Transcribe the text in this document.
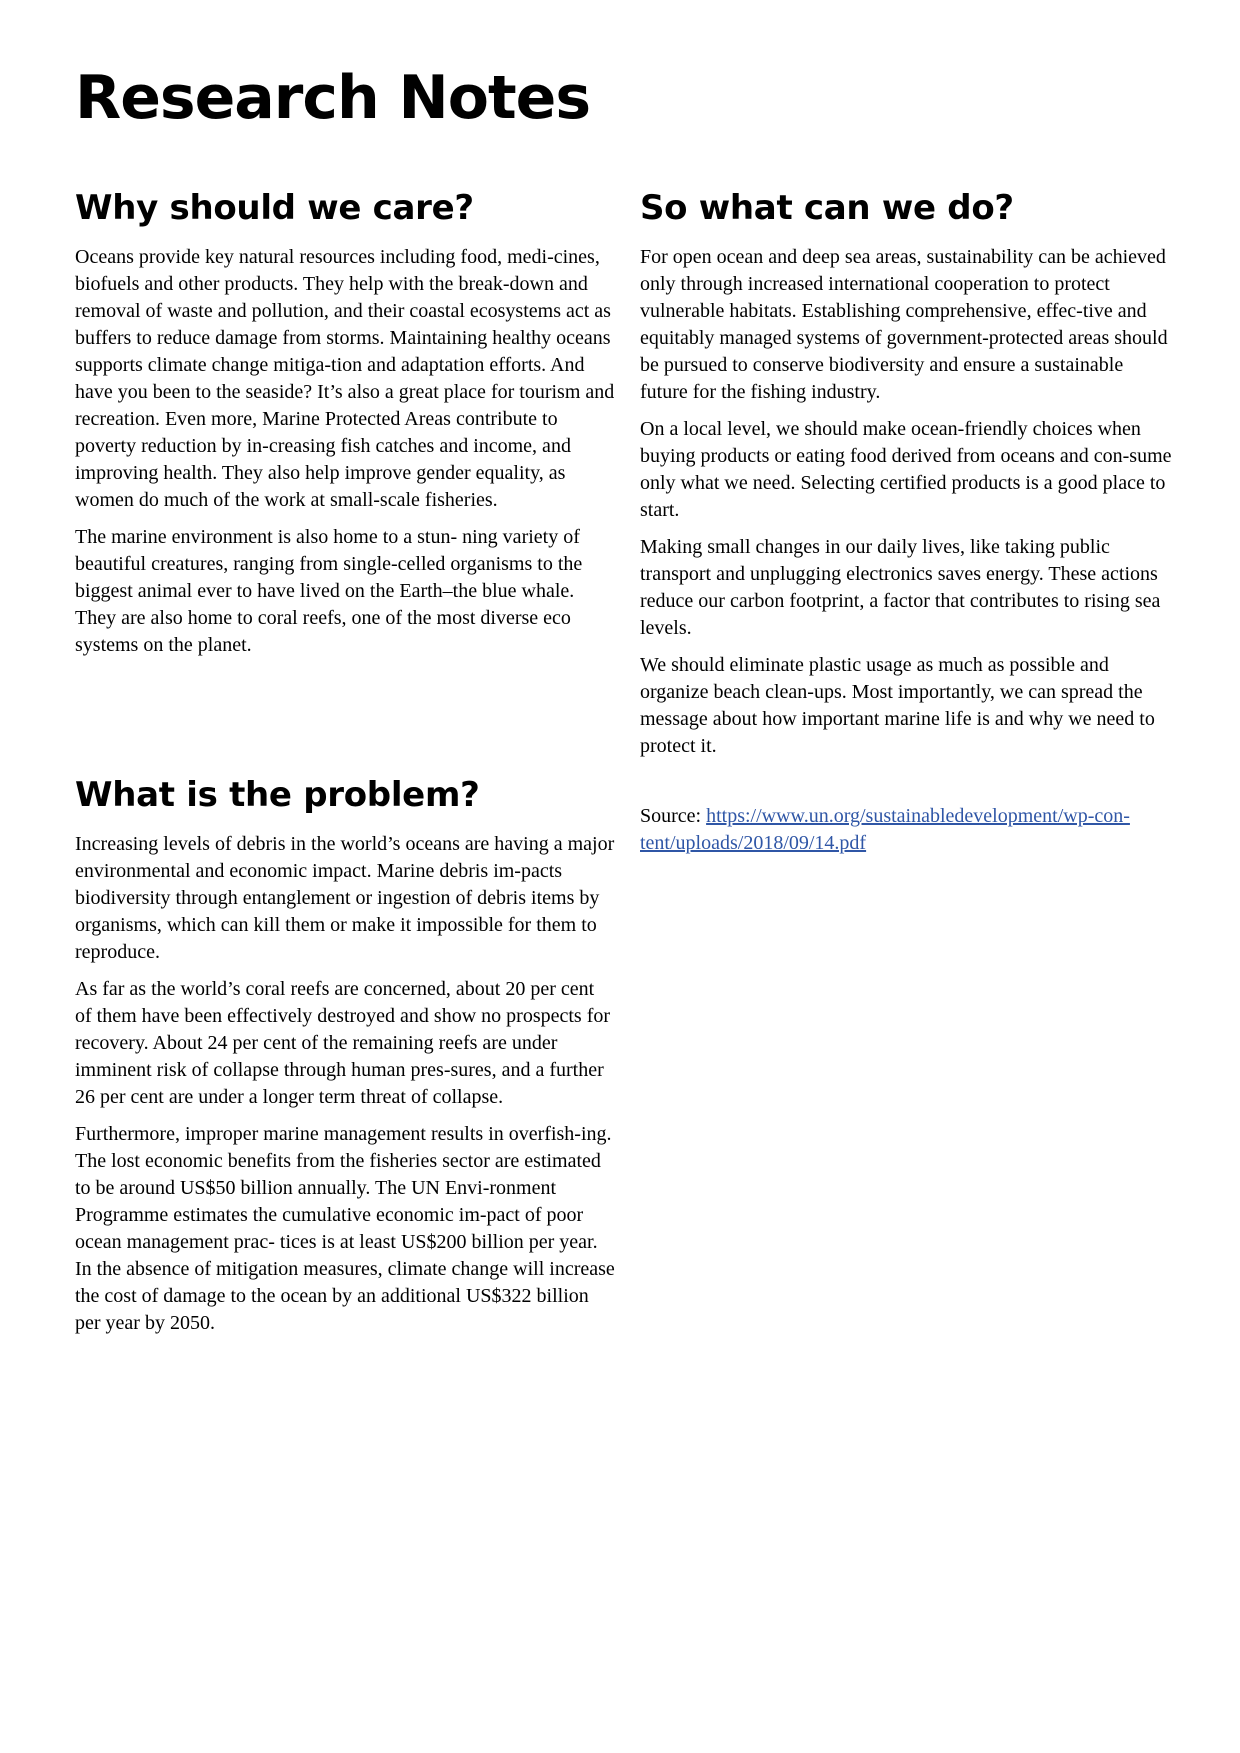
Research Notes
Why should we care?

Oceans provide key natural resources including food, medi-cines, biofuels and other products. They help with the break-down and removal of waste and pollution, and their coastal ecosystems act as buffers to reduce damage from storms. Maintaining healthy oceans supports climate change mitiga-tion and adaptation efforts. And have you been to the seaside? It’s also a great place for tourism and recreation. Even more, Marine Protected Areas contribute to poverty reduction by in-creasing fish catches and income, and improving health. They also help improve gender equality, as women do much of the work at small-scale fisheries.

The marine environment is also home to a stun- ning variety of beautiful creatures, ranging from single-celled organisms to the biggest animal ever to have lived on the Earth–the blue whale. They are also home to coral reefs, one of the most diverse eco systems on the planet.

What is the problem?

Increasing levels of debris in the world’s oceans are having a major environmental and economic impact. Marine debris im-pacts biodiversity through entanglement or ingestion of debris items by organisms, which can kill them or make it impossible for them to reproduce.

As far as the world’s coral reefs are concerned, about 20 per cent of them have been effectively destroyed and show no prospects for recovery. About 24 per cent of the remaining reefs are under imminent risk of collapse through human pres-sures, and a further 26 per cent are under a longer term threat of collapse.

Furthermore, improper marine management results in overfish-ing. The lost economic benefits from the fisheries sector are estimated to be around US$50 billion annually. The UN Envi-ronment Programme estimates the cumulative economic im-pact of poor ocean management prac- tices is at least US$200 billion per year. In the absence of mitigation measures, climate change will increase the cost of damage to the ocean by an additional US$322 billion per year by 2050.

So what can we do?

For open ocean and deep sea areas, sustainability can be achieved only through increased international cooperation to protect vulnerable habitats. Establishing comprehensive, effec-tive and equitably managed systems of government-protected areas should be pursued to conserve biodiversity and ensure a sustainable future for the fishing industry.

On a local level, we should make ocean-friendly choices when buying products or eating food derived from oceans and con-sume only what we need. Selecting certified products is a good place to start.

Making small changes in our daily lives, like taking public transport and unplugging electronics saves energy. These actions reduce our carbon footprint, a factor that contributes to rising sea levels.

We should eliminate plastic usage as much as possible and organize beach clean-ups. Most importantly, we can spread the message about how important marine life is and why we need to protect it.

Source: https://www.un.org/sustainabledevelopment/wp-con-tent/uploads/2018/09/14.pdf
